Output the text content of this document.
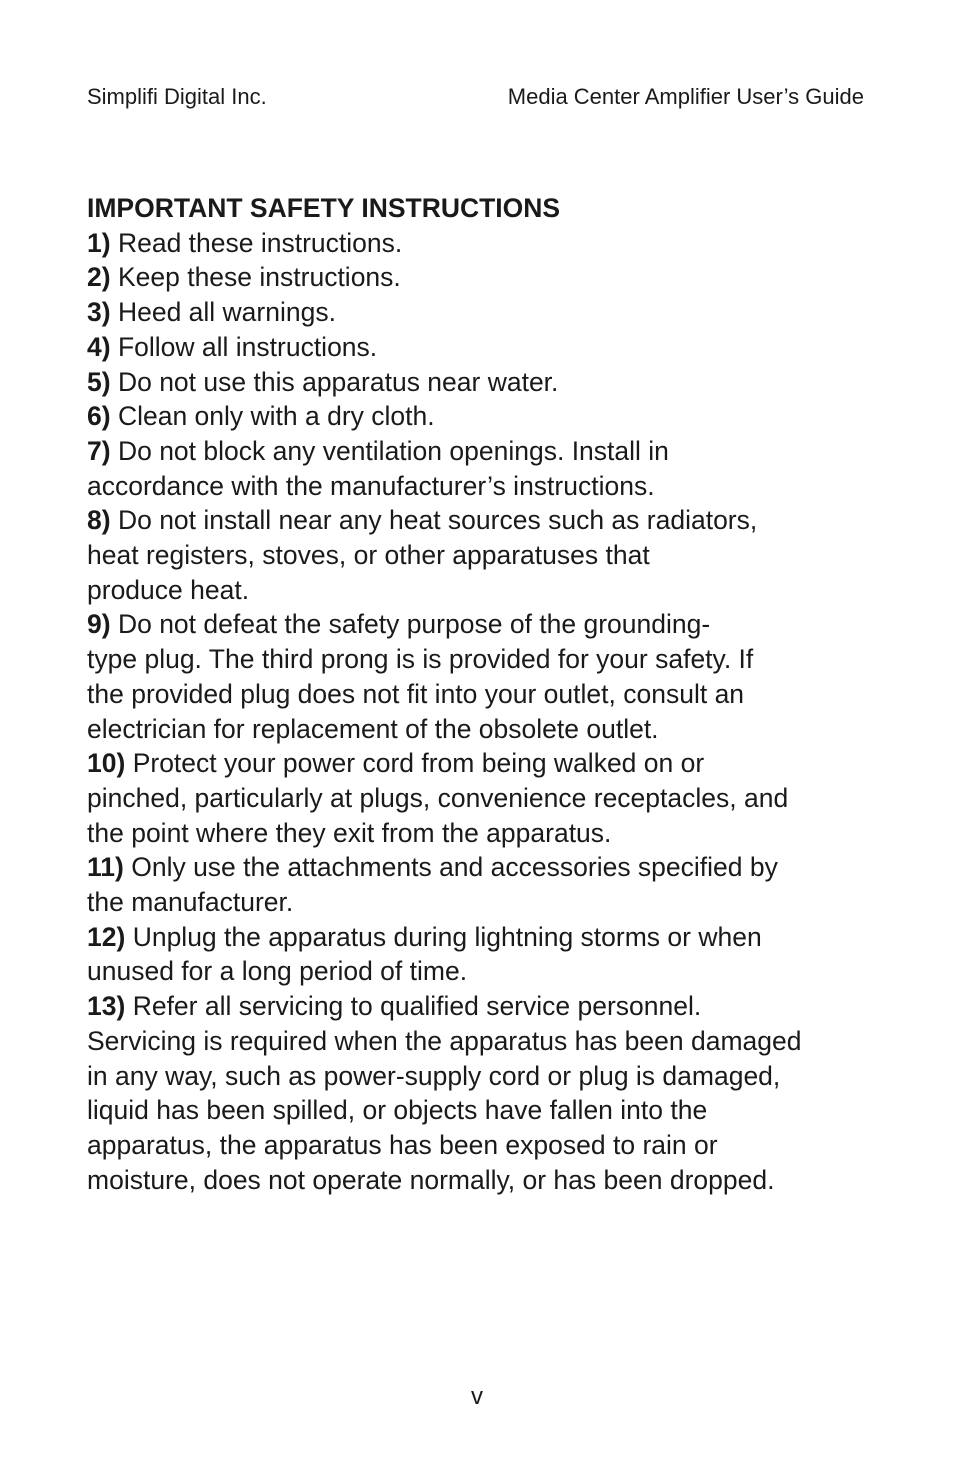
Simplifi Digital Inc.	Media Center Amplifier User’s Guide
IMPORTANT SAFETY INSTRUCTIONS
1) Read these instructions.
2) Keep these instructions.
3) Heed all warnings.
4) Follow all instructions.
5) Do not use this apparatus near water.
6) Clean only with a dry cloth.
7) Do not block any ventilation openings. Install in
accordance with the manufacturer’s instructions.
8) Do not install near any heat sources such as radiators,
heat registers, stoves, or other apparatuses that
produce heat.
9) Do not defeat the safety purpose of the grounding-
type plug. The third prong is is provided for your safety. If
the provided plug does not fit into your outlet, consult an
electrician for replacement of the obsolete outlet.
10) Protect your power cord from being walked on or
pinched, particularly at plugs, convenience receptacles, and
the point where they exit from the apparatus.
11) Only use the attachments and accessories specified by
the manufacturer.
12) Unplug the apparatus during lightning storms or when
unused for a long period of time.
13) Refer all servicing to qualified service personnel.
Servicing is required when the apparatus has been damaged
in any way, such as power-supply cord or plug is damaged,
liquid has been spilled, or objects have fallen into the
apparatus, the apparatus has been exposed to rain or
moisture, does not operate normally, or has been dropped.
v
